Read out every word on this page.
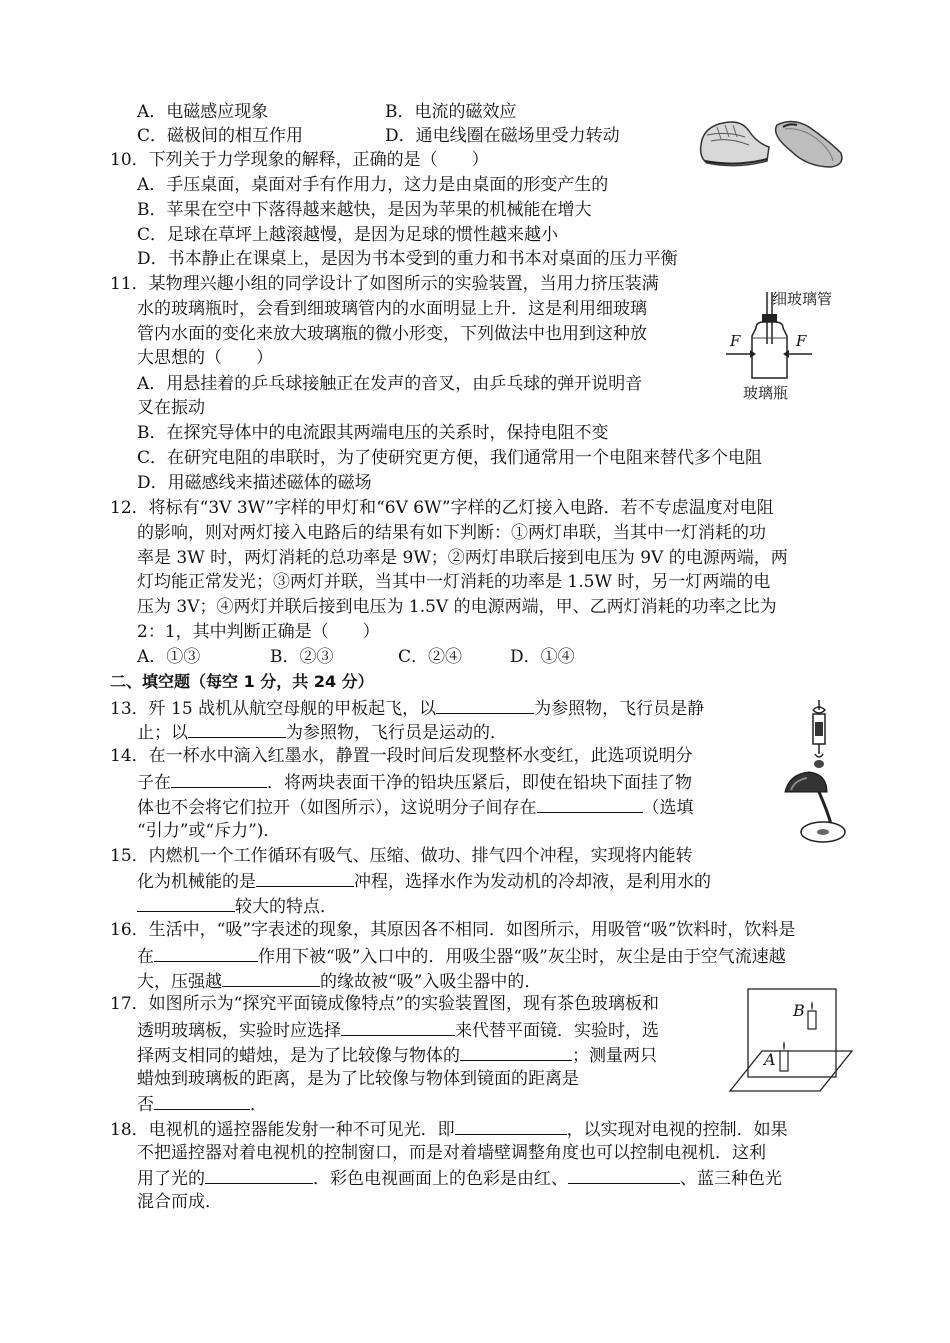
A．电磁感应现象	B．电流的磁效应
C．磁极间的相互作用	D．通电线圈在磁场里受力转动
10．下列关于力学现象的解释，正确的是（　　）
A．手压桌面，桌面对手有作用力，这力是由桌面的形变产生的
B．苹果在空中下落得越来越快，是因为苹果的机械能在增大
C．足球在草坪上越滚越慢，是因为足球的惯性越来越小
D．书本静止在课桌上，是因为书本受到的重力和书本对桌面的压力平衡
11．某物理兴趣小组的同学设计了如图所示的实验装置，当用力挤压装满
水的玻璃瓶时，会看到细玻璃管内的水面明显上升．这是利用细玻璃
管内水面的变化来放大玻璃瓶的微小形变，下列做法中也用到这种放
大思想的（　　）
A．用悬挂着的乒乓球接触正在发声的音叉，由乒乓球的弹开说明音
叉在振动
B．在探究导体中的电流跟其两端电压的关系时，保持电阻不变
C．在研究电阻的串联时，为了使研究更方便，我们通常用一个电阻来替代多个电阻
D．用磁感线来描述磁体的磁场
细玻璃管
玻璃瓶
F	F
12．将标有“3V 3W”字样的甲灯和“6V 6W”字样的乙灯接入电路．若不专虑温度对电阻
的影响，则对两灯接入电路后的结果有如下判断：①两灯串联，当其中一灯消耗的功
率是 3W 时，两灯消耗的总功率是 9W；②两灯串联后接到电压为 9V 的电源两端，两
灯均能正常发光；③两灯并联，当其中一灯消耗的功率是 1.5W 时，另一灯两端的电
压为 3V；④两灯并联后接到电压为 1.5V 的电源两端，甲、乙两灯消耗的功率之比为
2：1，其中判断正确是（　　）
A．①③	B．②③	C．②④	D．①④
二、填空题（每空 1 分，共 24 分）
13．歼 15 战机从航空母舰的甲板起飞，以	为参照物，飞行员是静
止；以	为参照物，飞行员是运动的．
14．在一杯水中滴入红墨水，静置一段时间后发现整杯水变红，此选项说明分
子在	．将两块表面干净的铅块压紧后，即使在铅块下面挂了物
体也不会将它们拉开（如图所示），这说明分子间存在	（选填
“引力”或“斥力”)．
15．内燃机一个工作循环有吸气、压缩、做功、排气四个冲程，实现将内能转
化为机械能的是	冲程，选择水作为发动机的冷却液，是利用水的
较大的特点．
16．生活中，“吸”字表述的现象，其原因各不相同．如图所示，用吸管“吸”饮料时，饮料是
在	作用下被“吸”入口中的．用吸尘器“吸”灰尘时，灰尘是由于空气流速越
大，压强越	的缘故被“吸”入吸尘器中的．
17．如图所示为“探究平面镜成像特点”的实验装置图，现有茶色玻璃板和
透明玻璃板，实验时应选择	来代替平面镜．实验时，选
择两支相同的蜡烛，是为了比较像与物体的	；测量两只
蜡烛到玻璃板的距离，是为了比较像与物体到镜面的距离是
否	．
B
A
18．电视机的遥控器能发射一种不可见光．即	，以实现对电视的控制．如果
不把遥控器对着电视机的控制窗口，而是对着墙壁调整角度也可以控制电视机．这利
用了光的	．彩色电视画面上的色彩是由红、	、蓝三种色光
混合而成．
